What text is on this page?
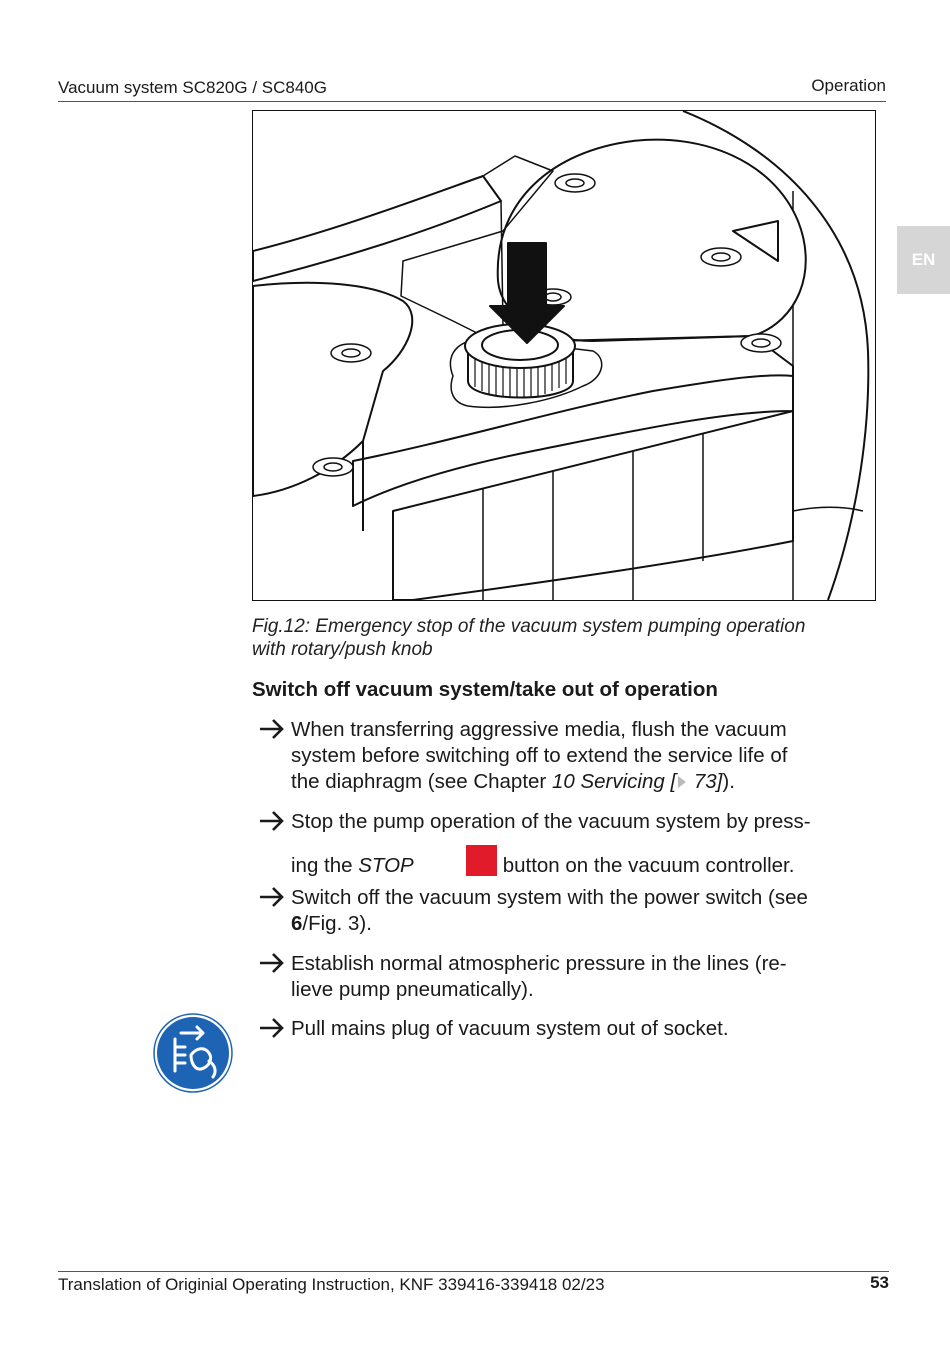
Vacuum system SC820G / SC840G	Operation
EN
Fig.12: Emergency stop of the vacuum system pumping operation
with rotary/push knob
Switch off vacuum system/take out of operation
When transferring aggressive media, flush the vacuum
system before switching off to extend the service life of
the diaphragm (see Chapter 10 Servicing [ 73]).
Stop the pump operation of the vacuum system by press-
ing the STOP	button on the vacuum controller.
Switch off the vacuum system with the power switch (see
6/Fig. 3).
Establish normal atmospheric pressure in the lines (re-
lieve pump pneumatically).
Pull mains plug of vacuum system out of socket.
Translation of Originial Operating Instruction, KNF 339416-339418 02/23	53
